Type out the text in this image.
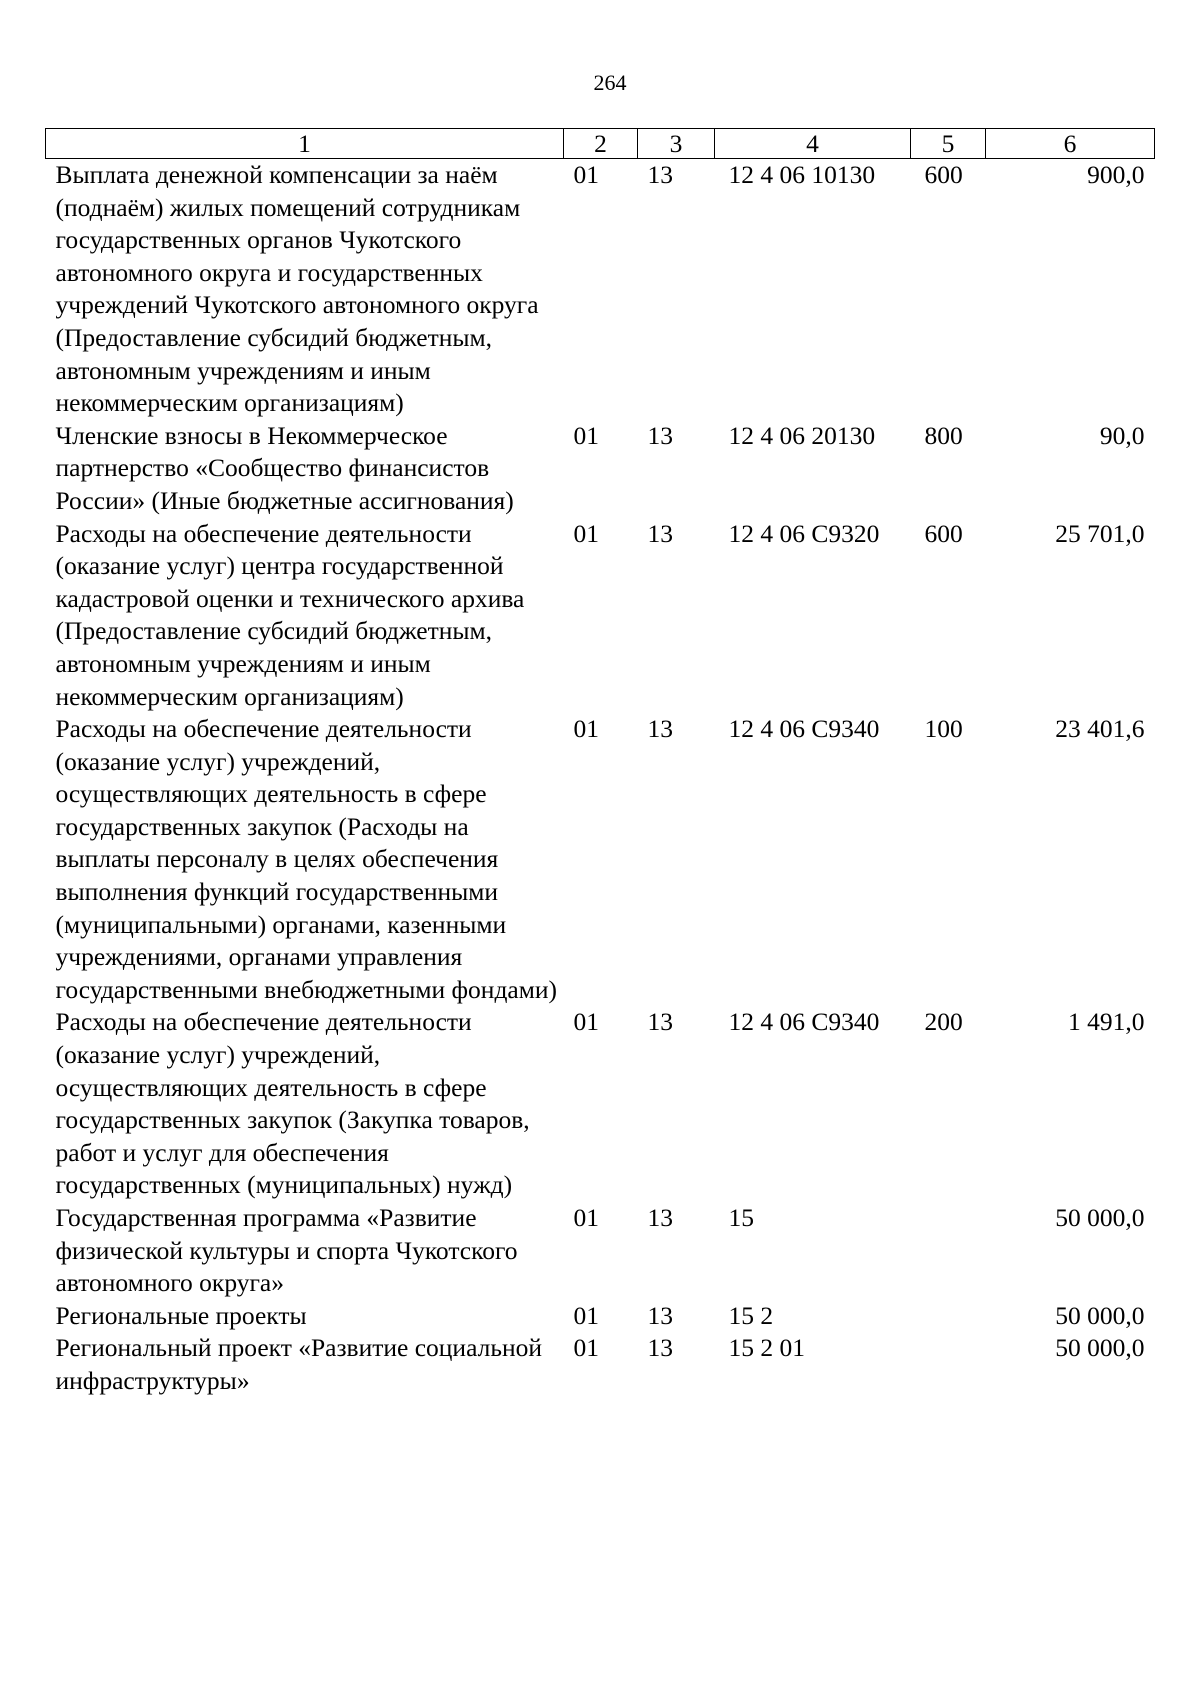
264
1	2	3	4	5	6
Выплата денежной компенсации за наём (поднаём) жилых помещений сотрудникам государственных органов Чукотского автономного округа и государственных учреждений Чукотского автономного округа (Предоставление субсидий бюджетным, автономным учреждениям и иным некоммерческим организациям)	01	13	12 4 06 10130	600	900,0
Членские взносы в Некоммерческое партнерство «Сообщество финансистов России» (Иные бюджетные ассигнования)	01	13	12 4 06 20130	800	90,0
Расходы на обеспечение деятельности (оказание услуг) центра государственной кадастровой оценки и технического архива (Предоставление субсидий бюджетным, автономным учреждениям и иным некоммерческим организациям)	01	13	12 4 06 С9320	600	25 701,0
Расходы на обеспечение деятельности (оказание услуг) учреждений, осуществляющих деятельность в сфере государственных закупок (Расходы на выплаты персоналу в целях обеспечения выполнения функций государственными (муниципальными) органами, казенными учреждениями, органами управления государственными внебюджетными фондами)	01	13	12 4 06 С9340	100	23 401,6
Расходы на обеспечение деятельности (оказание услуг) учреждений, осуществляющих деятельность в сфере государственных закупок (Закупка товаров, работ и услуг для обеспечения государственных (муниципальных) нужд)	01	13	12 4 06 С9340	200	1 491,0
Государственная программа «Развитие физической культуры и спорта Чукотского автономного округа»	01	13	15		50 000,0
Региональные проекты	01	13	15 2		50 000,0
Региональный проект «Развитие социальной инфраструктуры»	01	13	15 2 01		50 000,0
